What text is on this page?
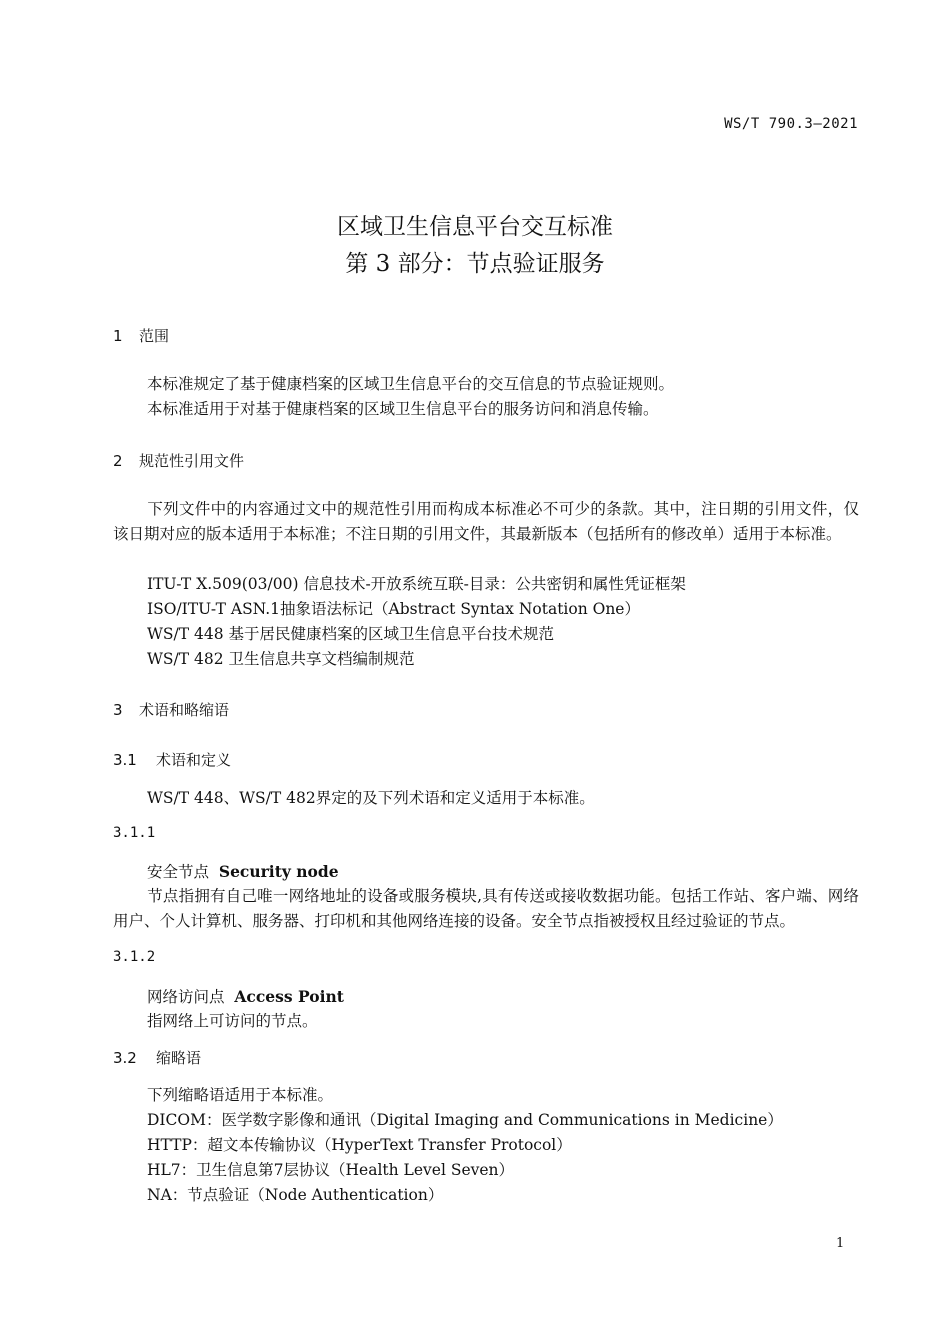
WS/T 790.3—2021
区域卫生信息平台交互标准
第 3 部分：节点验证服务
1 范围
本标准规定了基于健康档案的区域卫生信息平台的交互信息的节点验证规则。
本标准适用于对基于健康档案的区域卫生信息平台的服务访问和消息传输。
2 规范性引用文件
下列文件中的内容通过文中的规范性引用而构成本标准必不可少的条款。其中，注日期的引用文件，仅该日期对应的版本适用于本标准；不注日期的引用文件，其最新版本（包括所有的修改单）适用于本标准。
ITU-T X.509(03/00) 信息技术-开放系统互联-目录：公共密钥和属性凭证框架
ISO/ITU-T ASN.1抽象语法标记（Abstract Syntax Notation One）
WS/T 448 基于居民健康档案的区域卫生信息平台技术规范
WS/T 482 卫生信息共享文档编制规范
3 术语和略缩语
3.1 术语和定义
WS/T 448、WS/T 482界定的及下列术语和定义适用于本标准。
3.1.1
安全节点 Security node
节点指拥有自己唯一网络地址的设备或服务模块,具有传送或接收数据功能。包括工作站、客户端、网络用户、个人计算机、服务器、打印机和其他网络连接的设备。安全节点指被授权且经过验证的节点。
3.1.2
网络访问点 Access Point
指网络上可访问的节点。
3.2 缩略语
下列缩略语适用于本标准。
DICOM：医学数字影像和通讯（Digital Imaging and Communications in Medicine）
HTTP：超文本传输协议（HyperText Transfer Protocol）
HL7：卫生信息第7层协议（Health Level Seven）
NA：节点验证（Node Authentication）
1
